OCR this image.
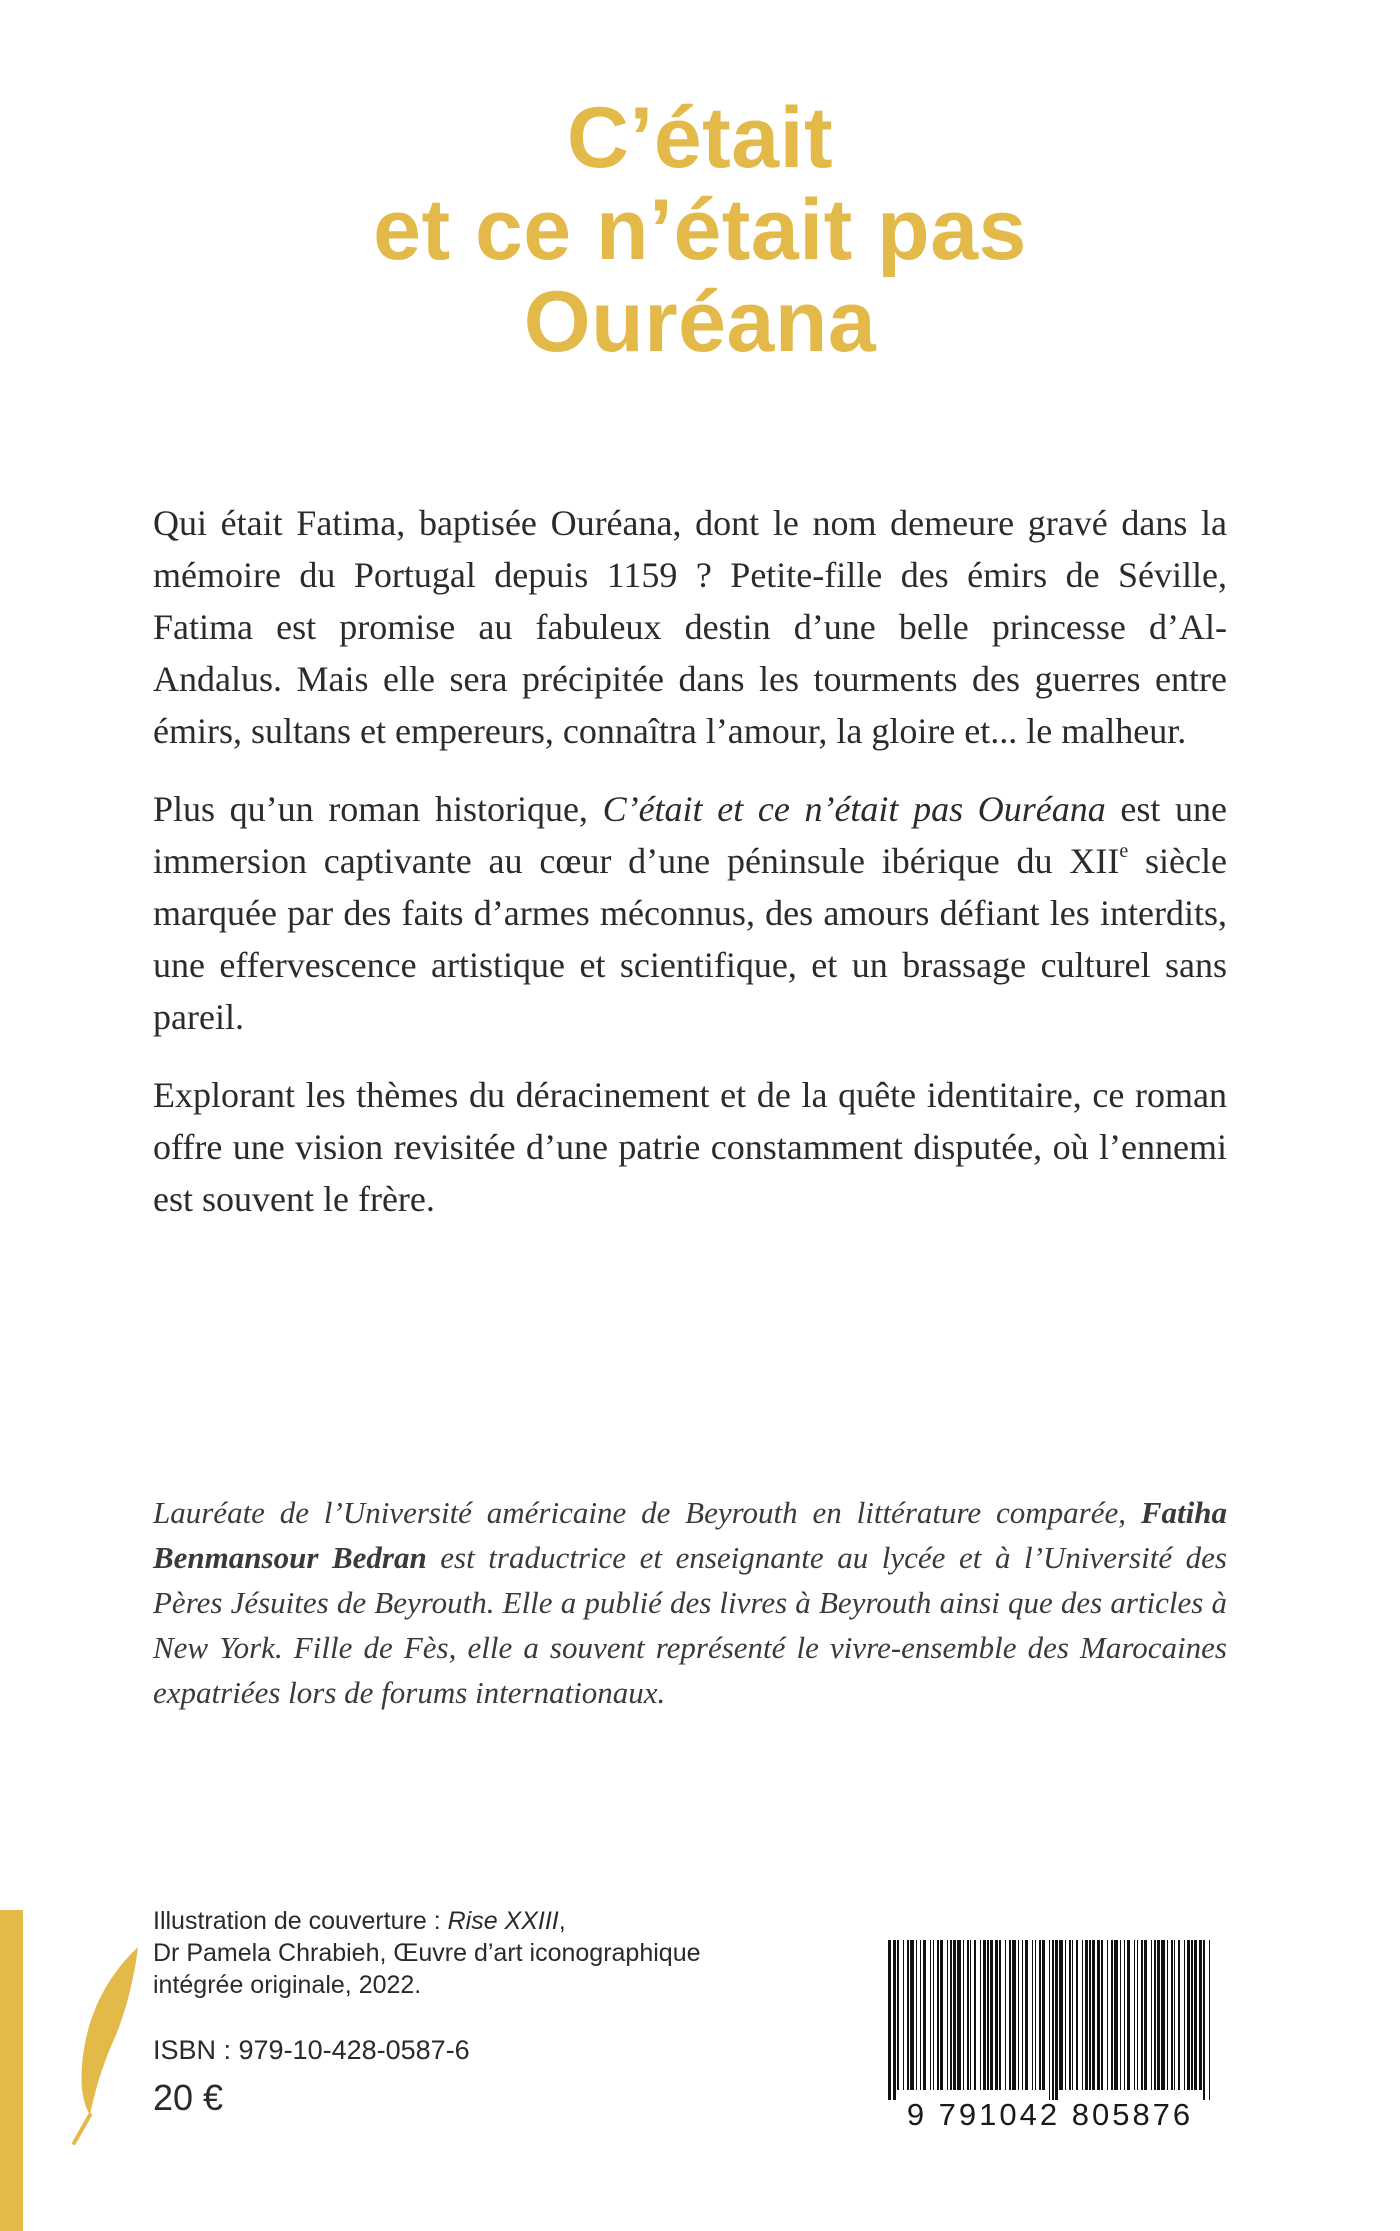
C’était
et ce n’était pas
Ouréana

Qui était Fatima, baptisée Ouréana, dont le nom demeure gravé dans la mémoire du Portugal depuis 1159 ? Petite-fille des émirs de Séville, Fatima est promise au fabuleux destin d’une belle princesse d’Al-Andalus. Mais elle sera précipitée dans les tourments des guerres entre émirs, sultans et empereurs, connaîtra l’amour, la gloire et... le malheur.

Plus qu’un roman historique, C’était et ce n’était pas Ouréana est une immersion captivante au cœur d’une péninsule ibérique du XIIe siècle marquée par des faits d’armes méconnus, des amours défiant les interdits, une effervescence artistique et scientifique, et un brassage culturel sans pareil.

Explorant les thèmes du déracinement et de la quête identitaire, ce roman offre une vision revisitée d’une patrie constamment disputée, où l’ennemi est souvent le frère.

Lauréate de l’Université américaine de Beyrouth en littérature comparée, Fatiha Benmansour Bedran est traductrice et enseignante au lycée et à l’Université des Pères Jésuites de Beyrouth. Elle a publié des livres à Beyrouth ainsi que des articles à New York. Fille de Fès, elle a souvent représenté le vivre-ensemble des Marocaines expatriées lors de forums internationaux.
Illustration de couverture : Rise XXIII,
Dr Pamela Chrabieh, Œuvre d’art iconographique
intégrée originale, 2022.
ISBN : 979-10-428-0587-6
20 €	9 791042 805876
